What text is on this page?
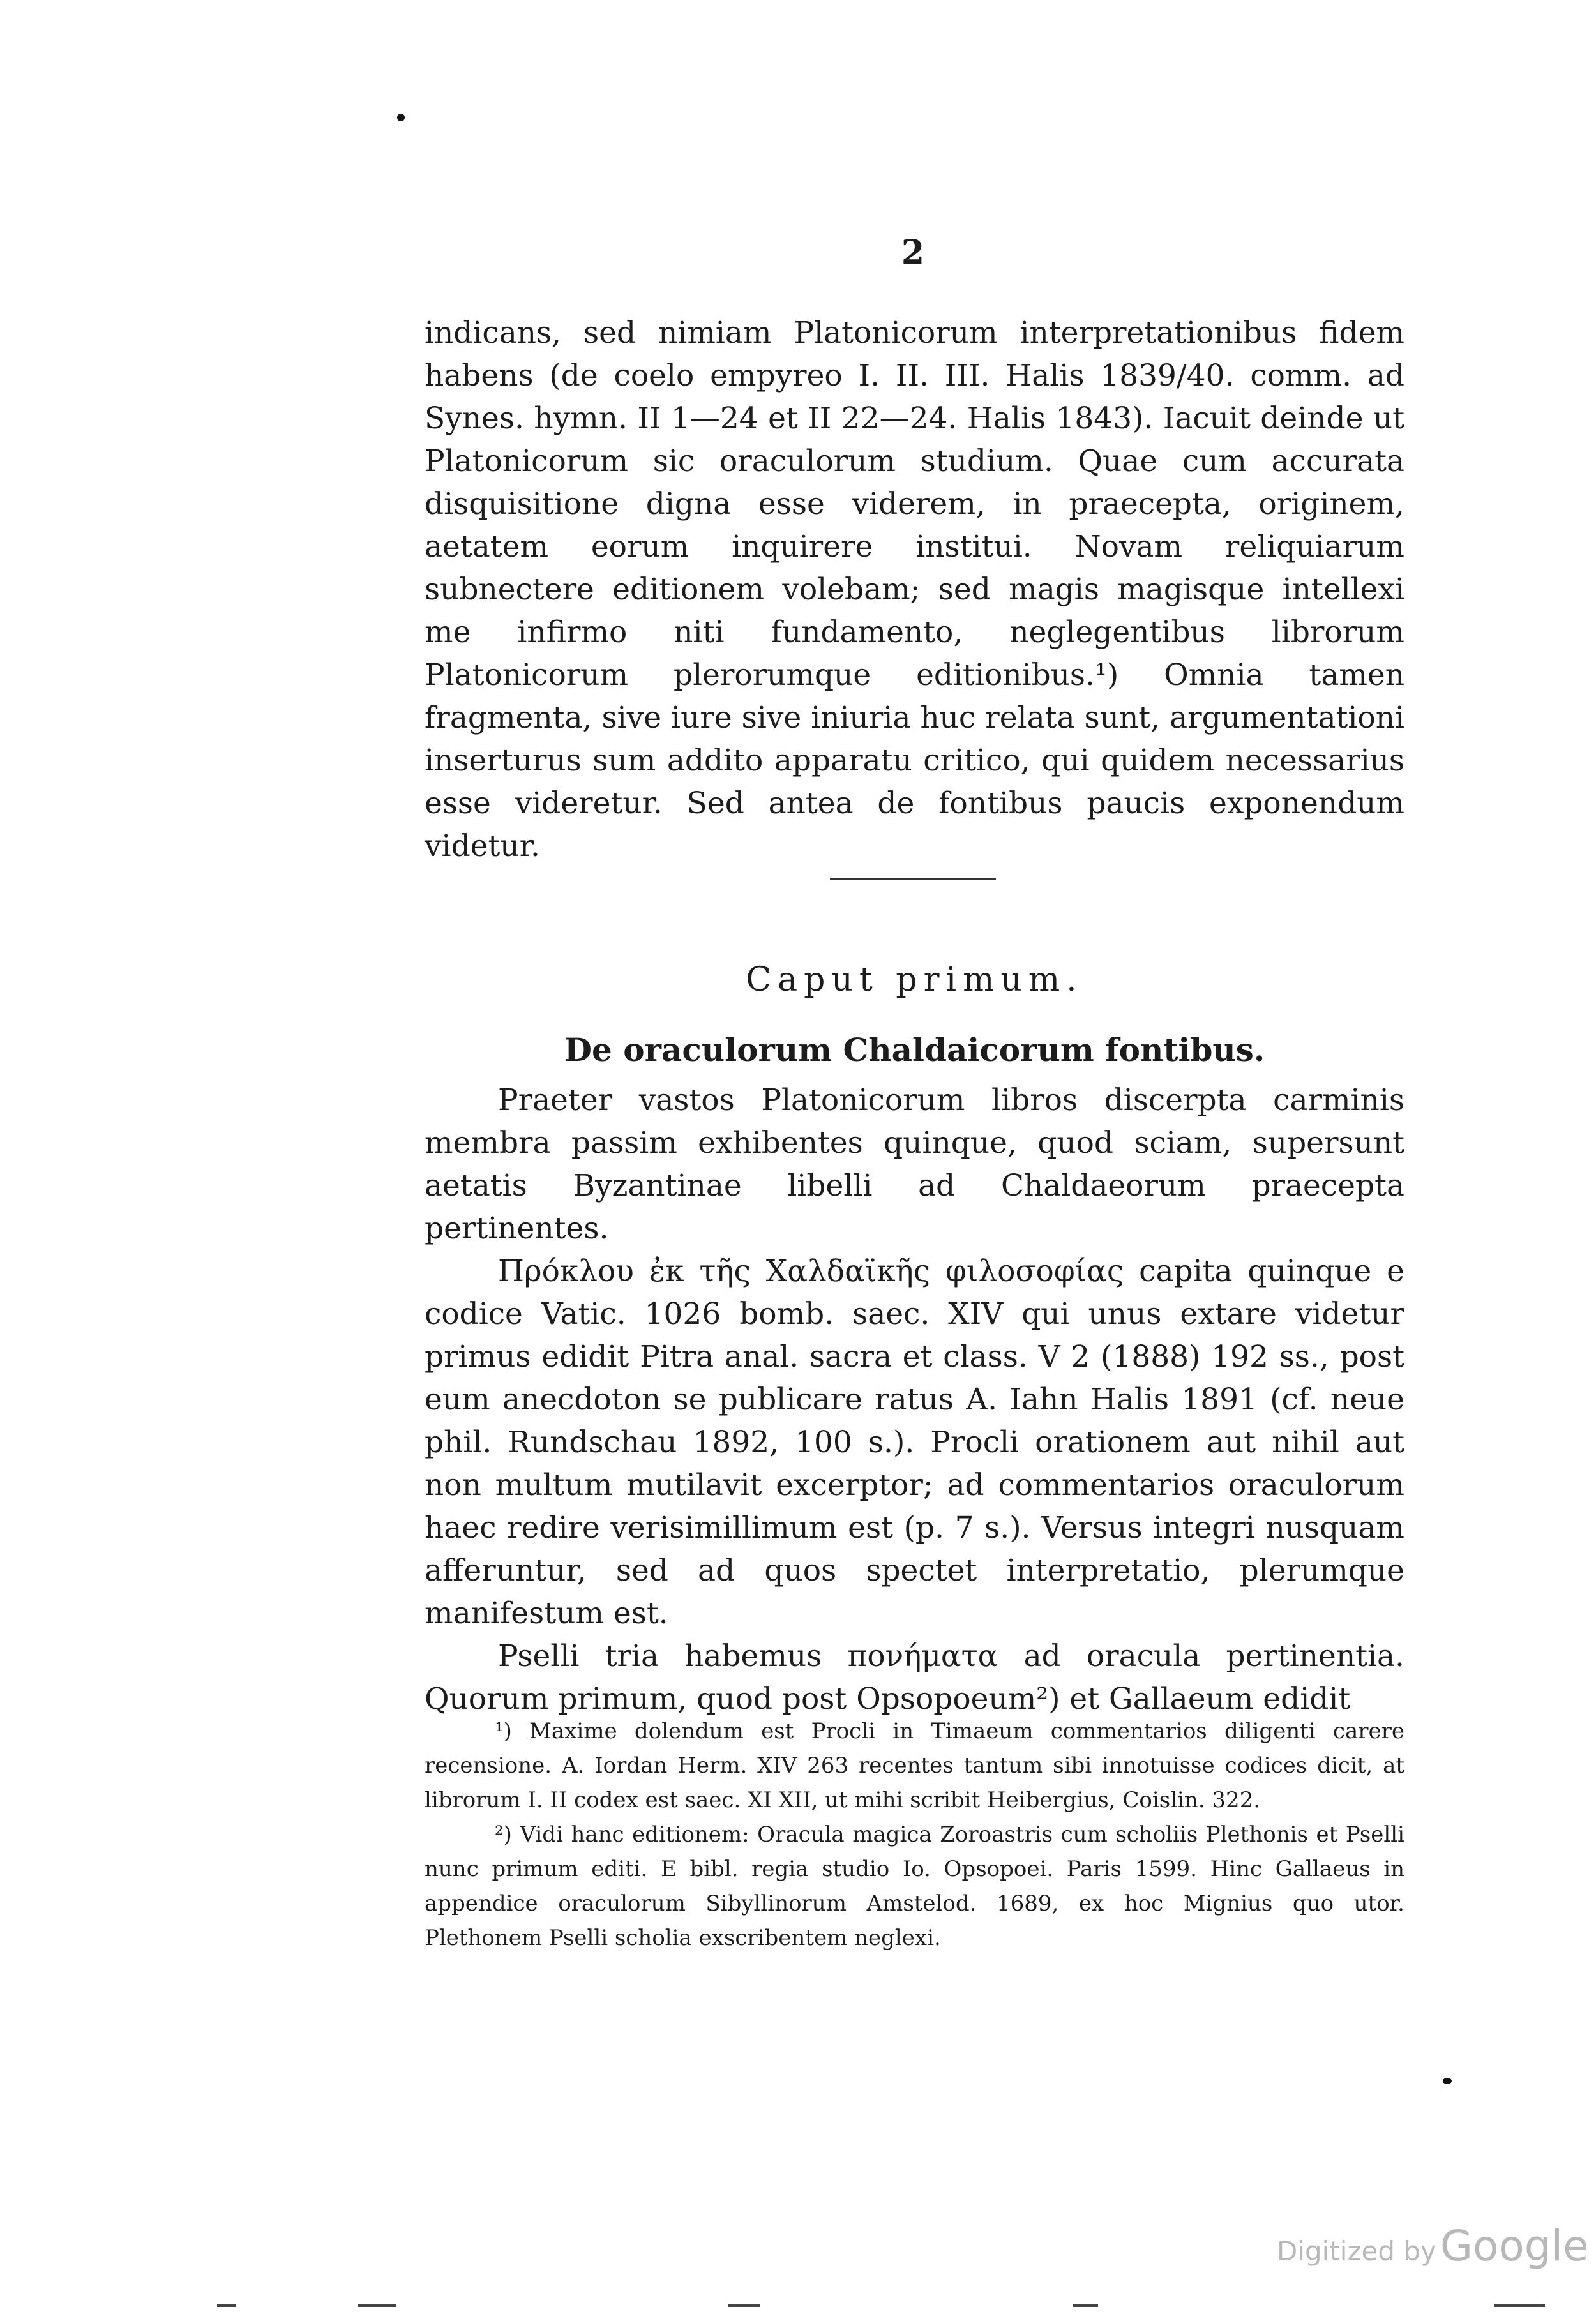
2

indicans, sed nimiam Platonicorum interpretationibus fidem habens (de coelo empyreo I. II. III. Halis 1839/40. comm. ad Synes. hymn. II 1—24 et II 22—24. Halis 1843). Iacuit deinde ut Platonicorum sic oraculorum studium. Quae cum accurata disquisitione digna esse viderem, in praecepta, originem, aetatem eorum inquirere institui. Novam reliquiarum subnectere editionem volebam; sed magis magisque intellexi me infirmo niti fundamento, neglegentibus librorum Platonicorum plerorumque editionibus.¹) Omnia tamen fragmenta, sive iure sive iniuria huc relata sunt, argumentationi inserturus sum addito apparatu critico, qui quidem necessarius esse videretur. Sed antea de fontibus paucis exponendum videtur.

Caput primum.
De oraculorum Chaldaicorum fontibus.

Praeter vastos Platonicorum libros discerpta carminis membra passim exhibentes quinque, quod sciam, supersunt aetatis Byzantinae libelli ad Chaldaeorum praecepta pertinentes.

Πρόκλου ἐκ τῆς Χαλδαϊκῆς φιλοσοφίας capita quinque e codice Vatic. 1026 bomb. saec. XIV qui unus extare videtur primus edidit Pitra anal. sacra et class. V 2 (1888) 192 ss., post eum anecdoton se publicare ratus A. Iahn Halis 1891 (cf. neue phil. Rundschau 1892, 100 s.). Procli orationem aut nihil aut non multum mutilavit excerptor; ad commentarios oraculorum haec redire verisimillimum est (p. 7 s.). Versus integri nusquam afferuntur, sed ad quos spectet interpretatio, plerumque manifestum est.

Pselli tria habemus πονήματα ad oracula pertinentia. Quorum primum, quod post Opsopoeum²) et Gallaeum edidit

¹) Maxime dolendum est Procli in Timaeum commentarios diligenti carere recensione. A. Iordan Herm. XIV 263 recentes tantum sibi innotuisse codices dicit, at librorum I. II codex est saec. XI XII, ut mihi scribit Heibergius, Coislin. 322.

²) Vidi hanc editionem: Oracula magica Zoroastris cum scholiis Plethonis et Pselli nunc primum editi. E bibl. regia studio Io. Opsopoei. Paris 1599. Hinc Gallaeus in appendice oraculorum Sibyllinorum Amstelod. 1689, ex hoc Mignius quo utor. Plethonem Pselli scholia exscribentem neglexi.

Digitized byGoogle
